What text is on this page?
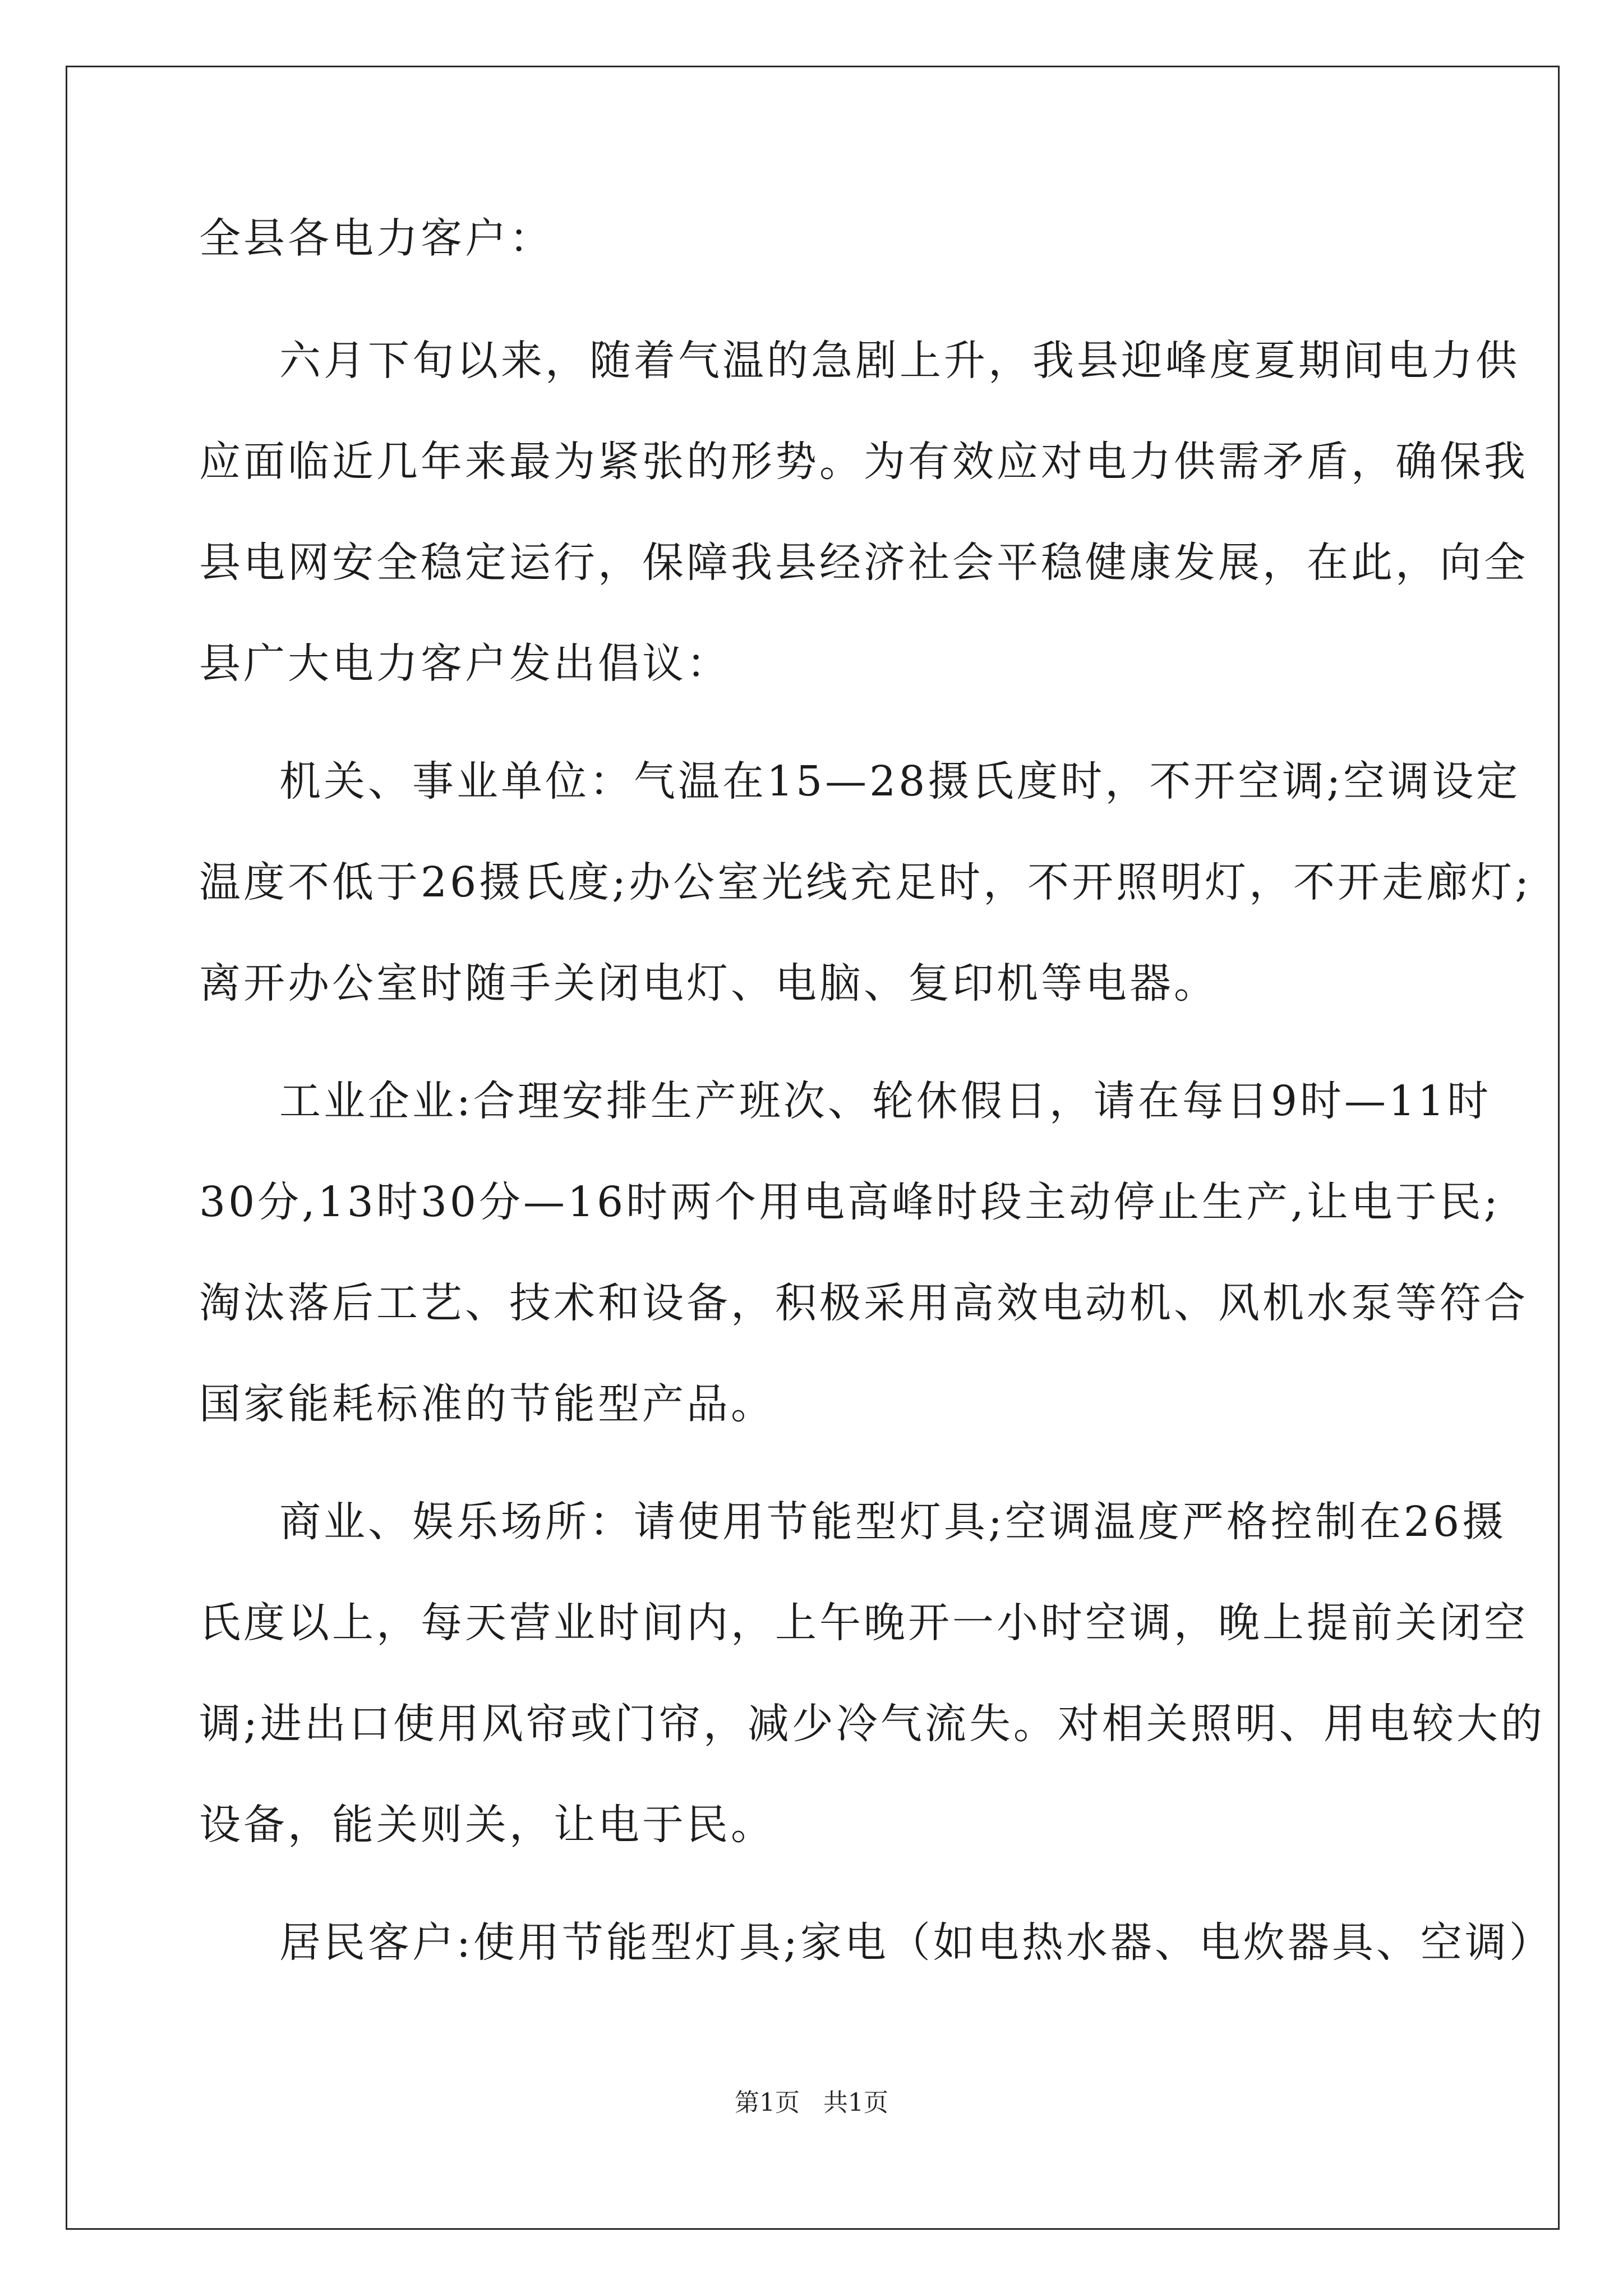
全县各电力客户：
六月下旬以来，随着气温的急剧上升，我县迎峰度夏期间电力供
应面临近几年来最为紧张的形势。为有效应对电力供需矛盾，确保我
县电网安全稳定运行，保障我县经济社会平稳健康发展，在此，向全
县广大电力客户发出倡议：
机关、事业单位：气温在15—28摄氏度时，不开空调;空调设定
温度不低于26摄氏度;办公室光线充足时，不开照明灯，不开走廊灯;
离开办公室时随手关闭电灯、电脑、复印机等电器。
工业企业:合理安排生产班次、轮休假日，请在每日9时—11时
30分,13时30分—16时两个用电高峰时段主动停止生产,让电于民;
淘汰落后工艺、技术和设备，积极采用高效电动机、风机水泵等符合
国家能耗标准的节能型产品。
商业、娱乐场所：请使用节能型灯具;空调温度严格控制在26摄
氏度以上，每天营业时间内，上午晚开一小时空调，晚上提前关闭空
调;进出口使用风帘或门帘，减少冷气流失。对相关照明、用电较大的
设备，能关则关，让电于民。
居民客户:使用节能型灯具;家电（如电热水器、电炊器具、空调）
第1页   共1页
